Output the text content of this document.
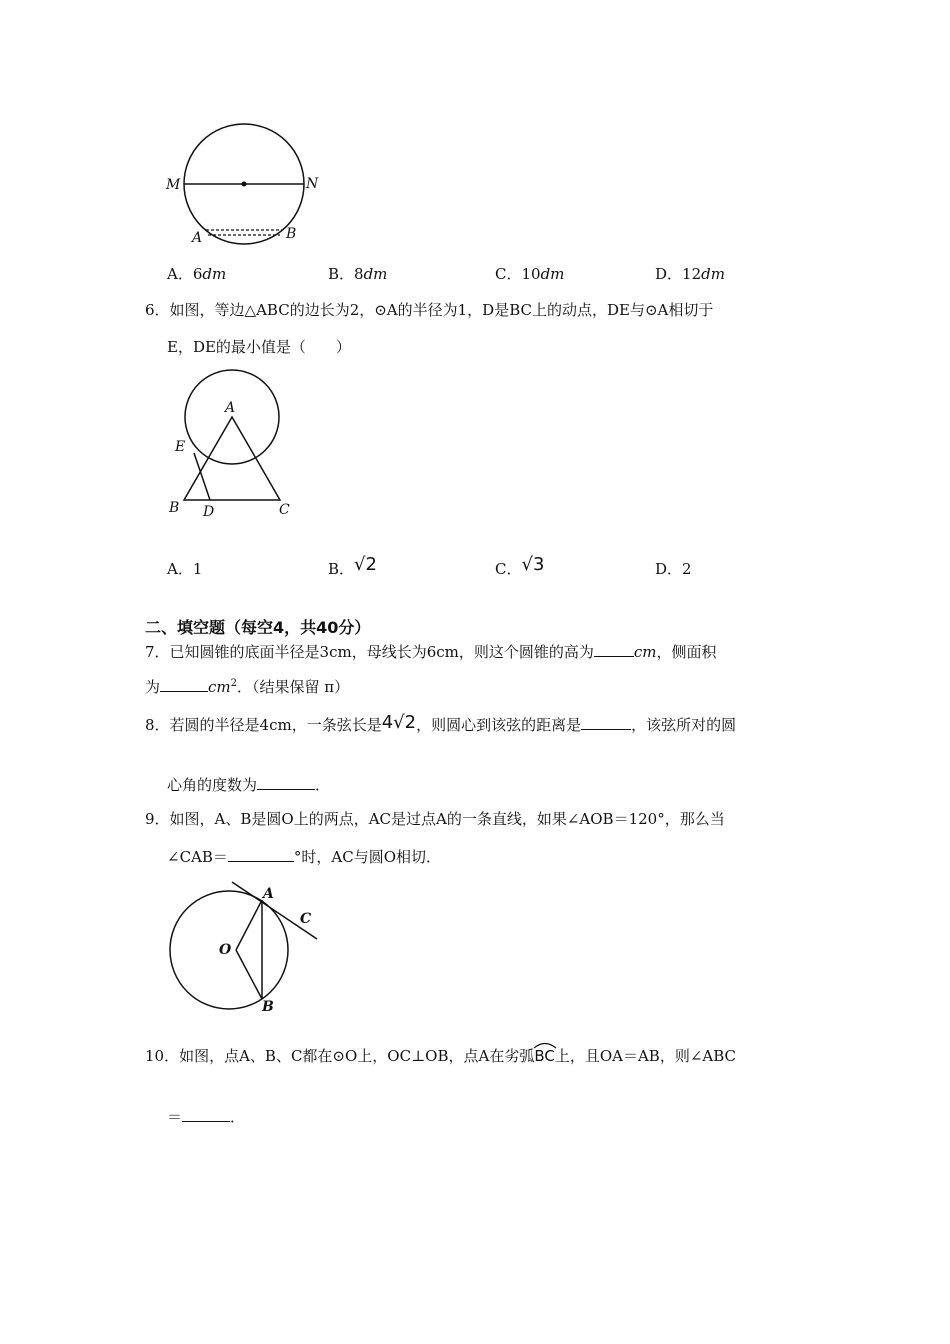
M	N
A	B
A．6dm	B．8dm	C．10dm	D．12dm
6．如图，等边△ABC的边长为2，⊙A的半径为1，D是BC上的动点，DE与⊙A相切于
E，DE的最小值是（　　）
A
E
B D	C
A．1	B．√2	C．√3	D．2
二、填空题（每空4，共40分）
7．已知圆锥的底面半径是3cm，母线长为6cm，则这个圆锥的高为	cm，侧面积
为	$cm^2$．（结果保留 π）
8．若圆的半径是4cm，一条弦长是4√2，则圆心到该弦的距离是	，该弦所对的圆
心角的度数为	．
9．如图，A、B是圆O上的两点，AC是过点A的一条直线，如果∠AOB＝120°，那么当
∠CAB＝	°时，AC与圆O相切．
A
C
O
B
10．如图，点A、B、C都在⊙O上，OC⊥OB，点A在劣弧
BC上，且OA＝AB，则∠ABC
＝	．
